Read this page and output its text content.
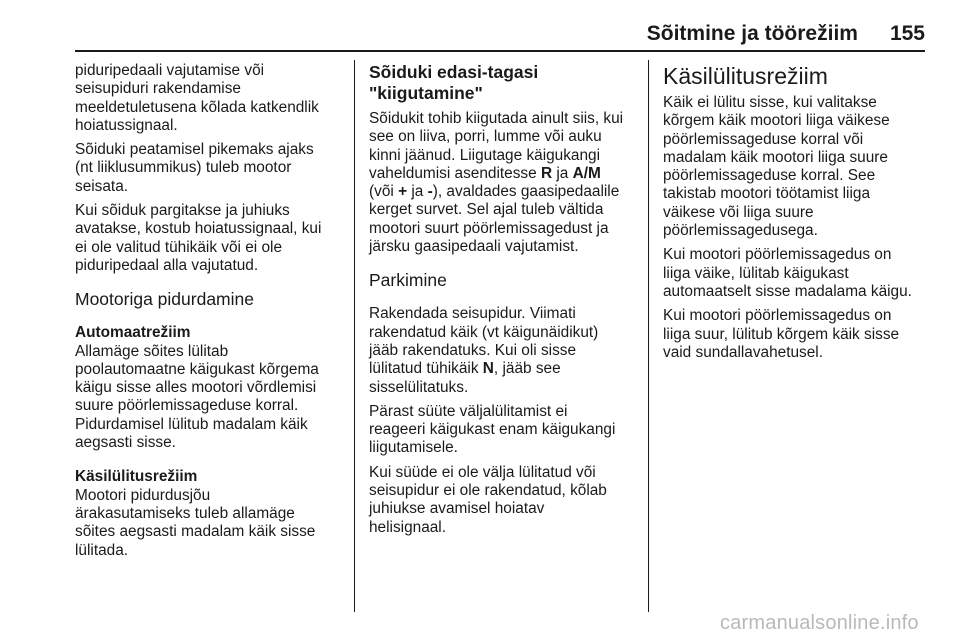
Sõitmine ja töörežiim 155

piduripedaali vajutamise või
seisupiduri rakendamise
meeldetuletusena kõlada katkendlik
hoiatussignaal.

Sõiduki peatamisel pikemaks ajaks
(nt liiklusummikus) tuleb mootor
seisata.

Kui sõiduk pargitakse ja juhiuks
avatakse, kostub hoiatussignaal, kui
ei ole valitud tühikäik või ei ole
piduripedaal alla vajutatud.

Mootoriga pidurdamine
Automaatrežiim

Allamäge sõites lülitab
poolautomaatne käigukast kõrgema
käigu sisse alles mootori võrdlemisi
suure pöörlemissageduse korral.
Pidurdamisel lülitub madalam käik
aegsasti sisse.

Käsilülitusrežiim

Mootori pidurdusjõu
ärakasutamiseks tuleb allamäge
sõites aegsasti madalam käik sisse
lülitada.

Sõiduki edasi-tagasi
"kiigutamine"

Sõidukit tohib kiigutada ainult siis, kui
see on liiva, porri, lumme või auku
kinni jäänud. Liigutage käigukangi
vaheldumisi asenditesse R ja A/M
(või + ja -), avaldades gaasipedaalile
kerget survet. Sel ajal tuleb vältida
mootori suurt pöörlemissagedust ja
järsku gaasipedaali vajutamist.

Parkimine

Rakendada seisupidur. Viimati
rakendatud käik (vt käigunäidikut)
jääb rakendatuks. Kui oli sisse
lülitatud tühikäik N, jääb see
sisselülitatuks.

Pärast süüte väljalülitamist ei
reageeri käigukast enam käigukangi
liigutamisele.

Kui süüde ei ole välja lülitatud või
seisupidur ei ole rakendatud, kõlab
juhiukse avamisel hoiatav
helisignaal.

Käsilülitusrežiim

Käik ei lülitu sisse, kui valitakse
kõrgem käik mootori liiga väikese
pöörlemissageduse korral või
madalam käik mootori liiga suure
pöörlemissageduse korral. See
takistab mootori töötamist liiga
väikese või liiga suure
pöörlemissagedusega.

Kui mootori pöörlemissagedus on
liiga väike, lülitab käigukast
automaatselt sisse madalama käigu.

Kui mootori pöörlemissagedus on
liiga suur, lülitub kõrgem käik sisse
vaid sundallavahetusel.

carmanualsonline.info
